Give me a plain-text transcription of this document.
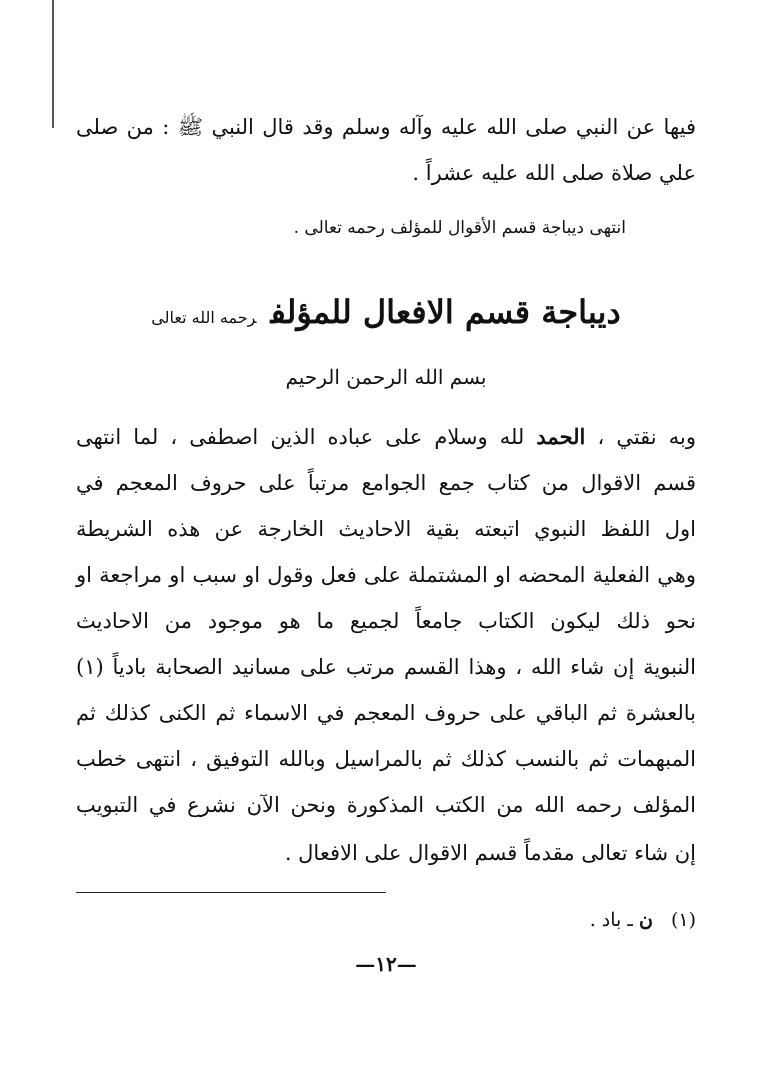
فيها عن النبي صلى الله عليه وآله وسلم وقد قال النبي ﷺ : من صلى
علي صلاة صلى الله عليه عشراً .
انتهى ديباجة قسم الأقوال للمؤلف رحمه تعالى .
ديباجة قسم الافعال للمؤلفرحمه الله تعالى
بسم الله الرحمن الرحيم
وبه نقتي ، الحمد لله وسلام على عباده الذين اصطفى ، لما انتهى
قسم الاقوال من كتاب جمع الجوامع مرتباً على حروف المعجم في
اول اللفظ النبوي اتبعته بقية الاحاديث الخارجة عن هذه الشريطة
وهي الفعلية المحضه او المشتملة على فعل وقول او سبب او مراجعة او
نحو ذلك ليكون الكتاب جامعاً لجميع ما هو موجود من الاحاديث
النبوية إن شاء الله ، وهذا القسم مرتب على مسانيد الصحابة بادياً (١)
بالعشرة ثم الباقي على حروف المعجم في الاسماء ثم الكنى كذلك ثم
المبهمات ثم بالنسب كذلك ثم بالمراسيل وبالله التوفيق ، انتهى خطب
المؤلف رحمه الله من الكتب المذكورة ونحن الآن نشرع في التبويب
إن شاء تعالى مقدماً قسم الاقوال على الافعال .
(١)ن ـ باد .
—١٢—
